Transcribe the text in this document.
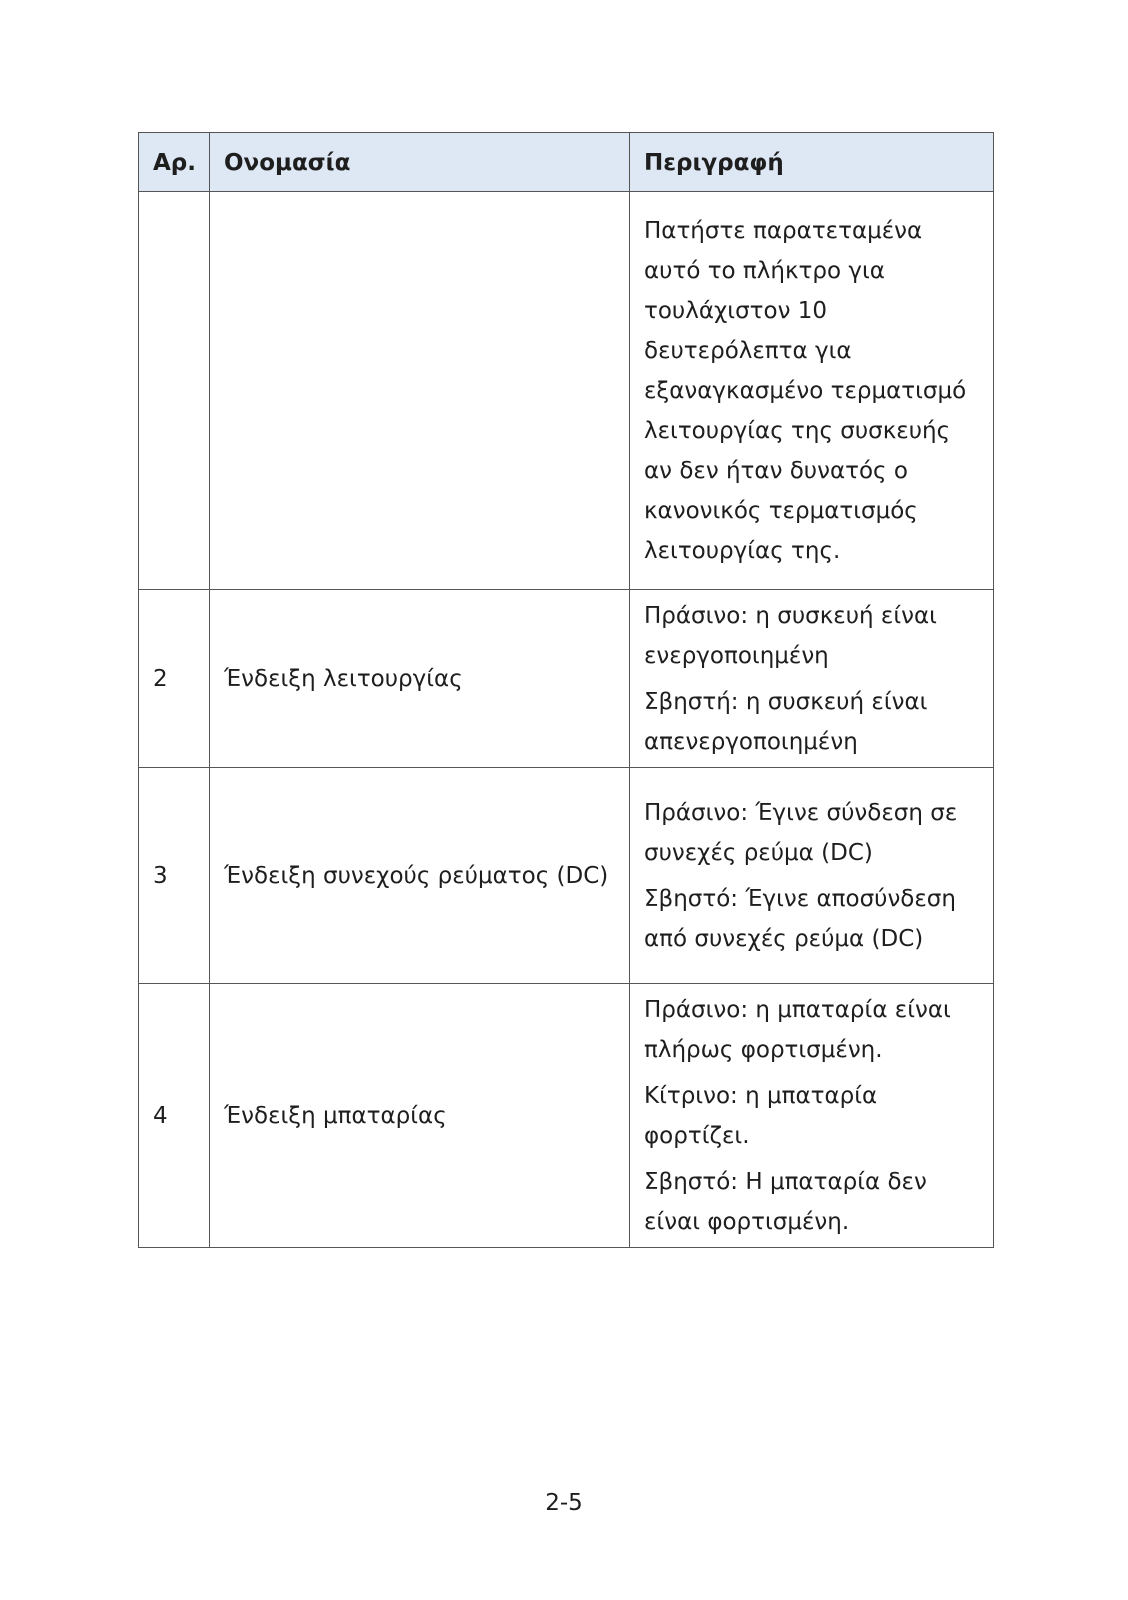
Αρ.	Ονομασία	Περιγραφή

		Πατήστε παρατεταμένα αυτό το πλήκτρο για τουλάχιστον 10 δευτερόλεπτα για εξαναγκασμένο τερματισμό λειτουργίας της συσκευής αν δεν ήταν δυνατός ο κανονικός τερματισμός λειτουργίας της.

2	Ένδειξη λειτουργίας	Πράσινο: η συσκευή είναι ενεργοποιημένη

Σβηστή: η συσκευή είναι απενεργοποιημένη

3	Ένδειξη συνεχούς ρεύματος (DC)	Πράσινο: Έγινε σύνδεση σε συνεχές ρεύμα (DC)

Σβηστό: Έγινε αποσύνδεση από συνεχές ρεύμα (DC)

4	Ένδειξη μπαταρίας	Πράσινο: η μπαταρία είναι πλήρως φορτισμένη.

Κίτρινο: η μπαταρία φορτίζει.

Σβηστό: Η μπαταρία δεν είναι φορτισμένη.

2-5
